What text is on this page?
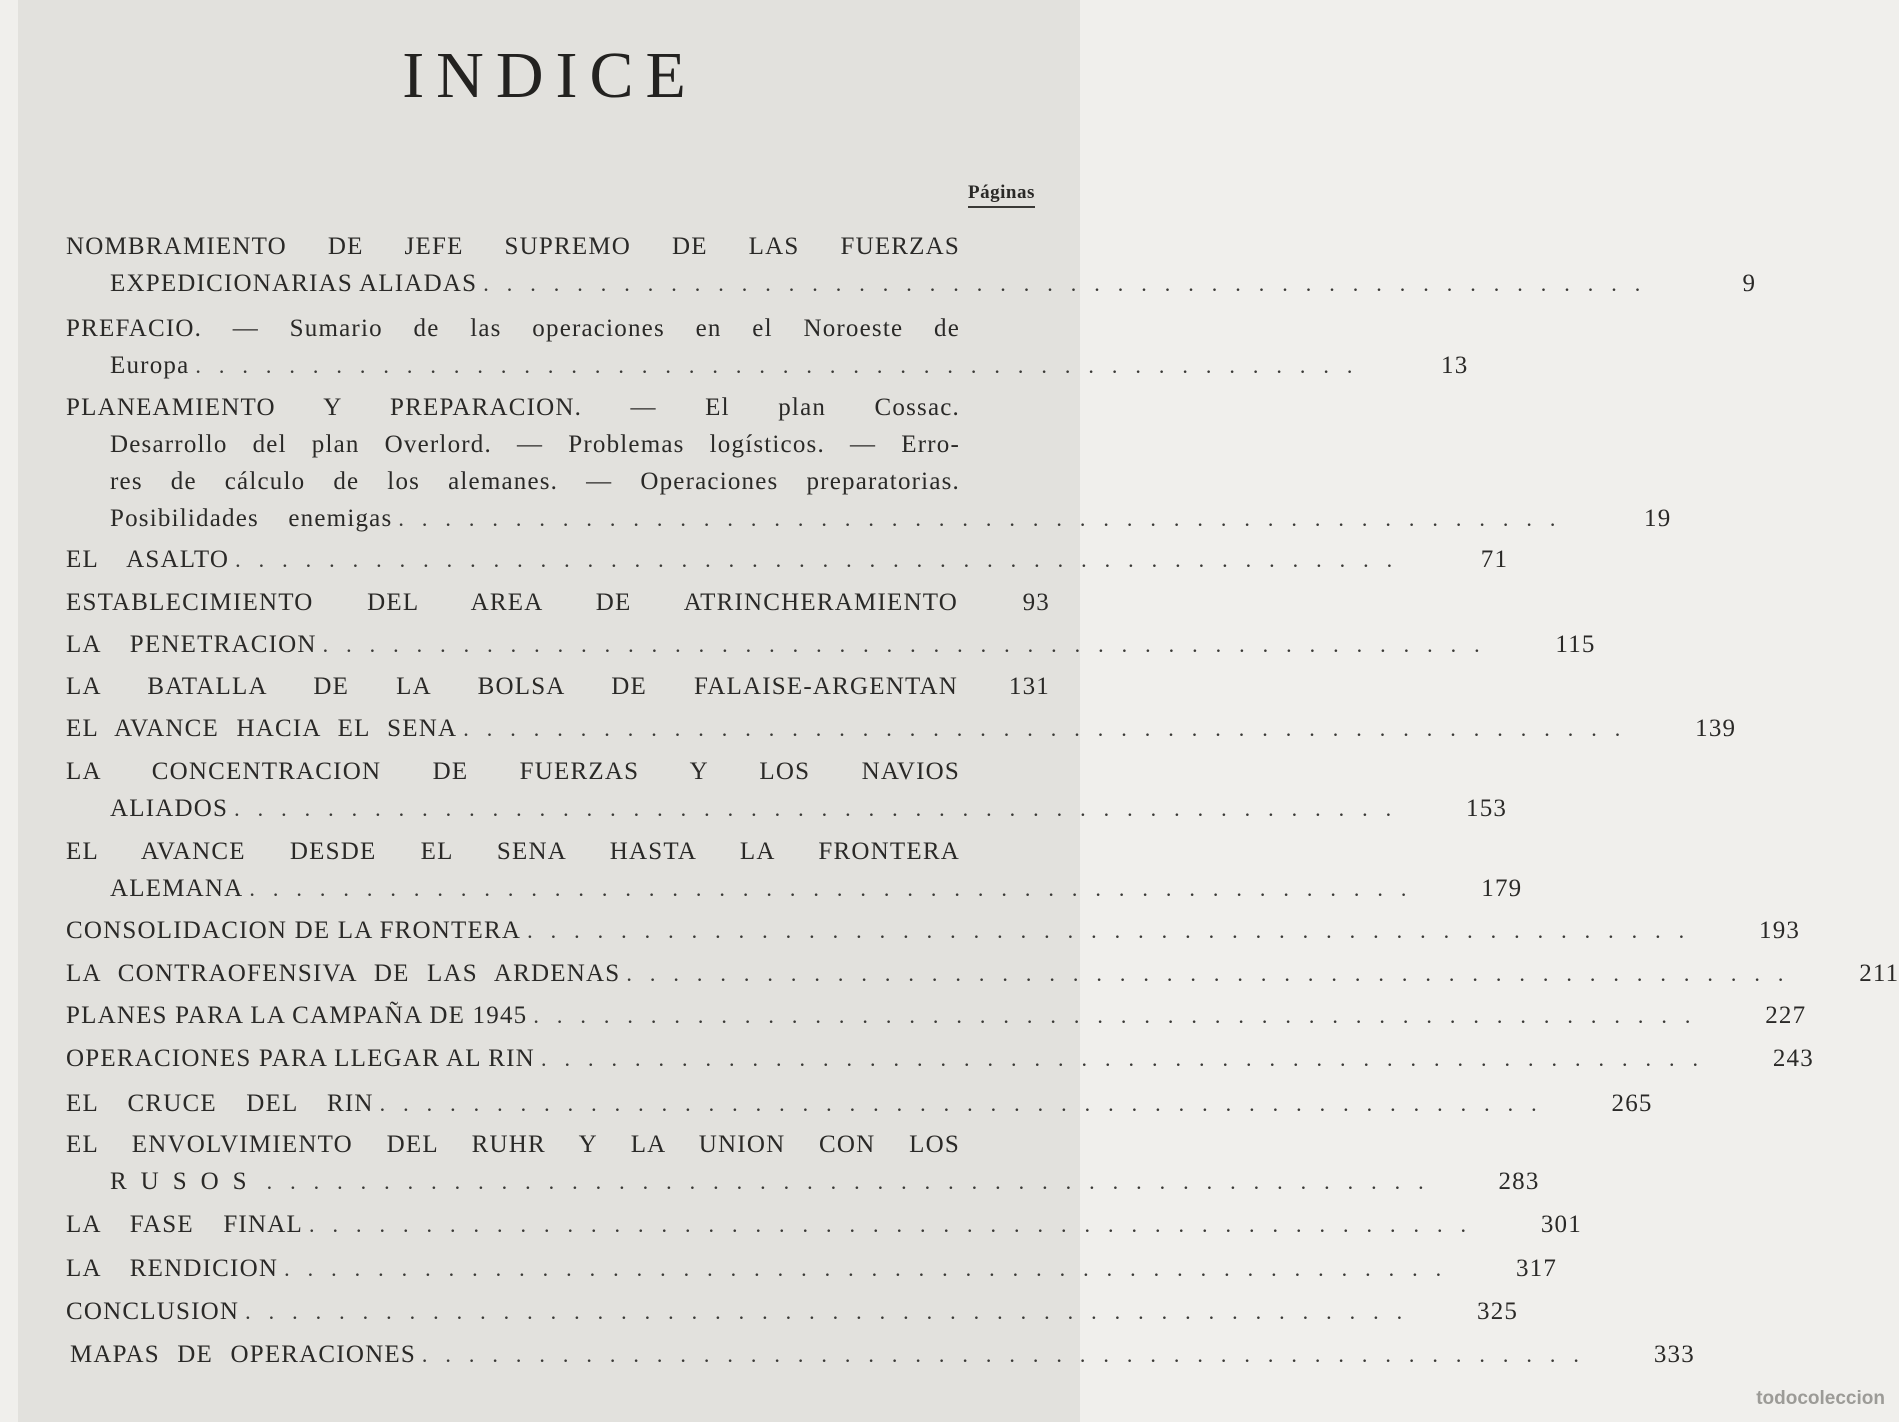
INDICE
Páginas
NOMBRAMIENTO DE JEFE SUPREMO DE LAS FUERZAS
EXPEDICIONARIAS ALIADAS ..................................................	9
PREFACIO. — Sumario de las operaciones en el Noroeste de
Europa ..................................................	13
PLANEAMIENTO Y PREPARACION. — El plan Cossac.
Desarrollo del plan Overlord. — Problemas logísticos. — Erro-
res de cálculo de los alemanes. — Operaciones preparatorias.
Posibilidades enemigas ..................................................	19
EL ASALTO ..................................................	71
ESTABLECIMIENTO DEL AREA DE ATRINCHERAMIENTO	93
LA PENETRACION ..................................................	115
LA BATALLA DE LA BOLSA DE FALAISE-ARGENTAN	131
EL AVANCE HACIA EL SENA ..................................................	139
LA CONCENTRACION DE FUERZAS Y LOS NAVIOS
ALIADOS ..................................................	153
EL AVANCE DESDE EL SENA HASTA LA FRONTERA
ALEMANA ..................................................	179
CONSOLIDACION DE LA FRONTERA ..................................................	193
LA CONTRAOFENSIVA DE LAS ARDENAS ..................................................	211
PLANES PARA LA CAMPAÑA DE 1945 ..................................................	227
OPERACIONES PARA LLEGAR AL RIN ..................................................	243
EL CRUCE DEL RIN ..................................................	265
EL ENVOLVIMIENTO DEL RUHR Y LA UNION CON LOS
RUSOS ..................................................	283
LA FASE FINAL ..................................................	301
LA RENDICION ..................................................	317
CONCLUSION ..................................................	325
MAPAS DE OPERACIONES ..................................................	333
todocoleccion
